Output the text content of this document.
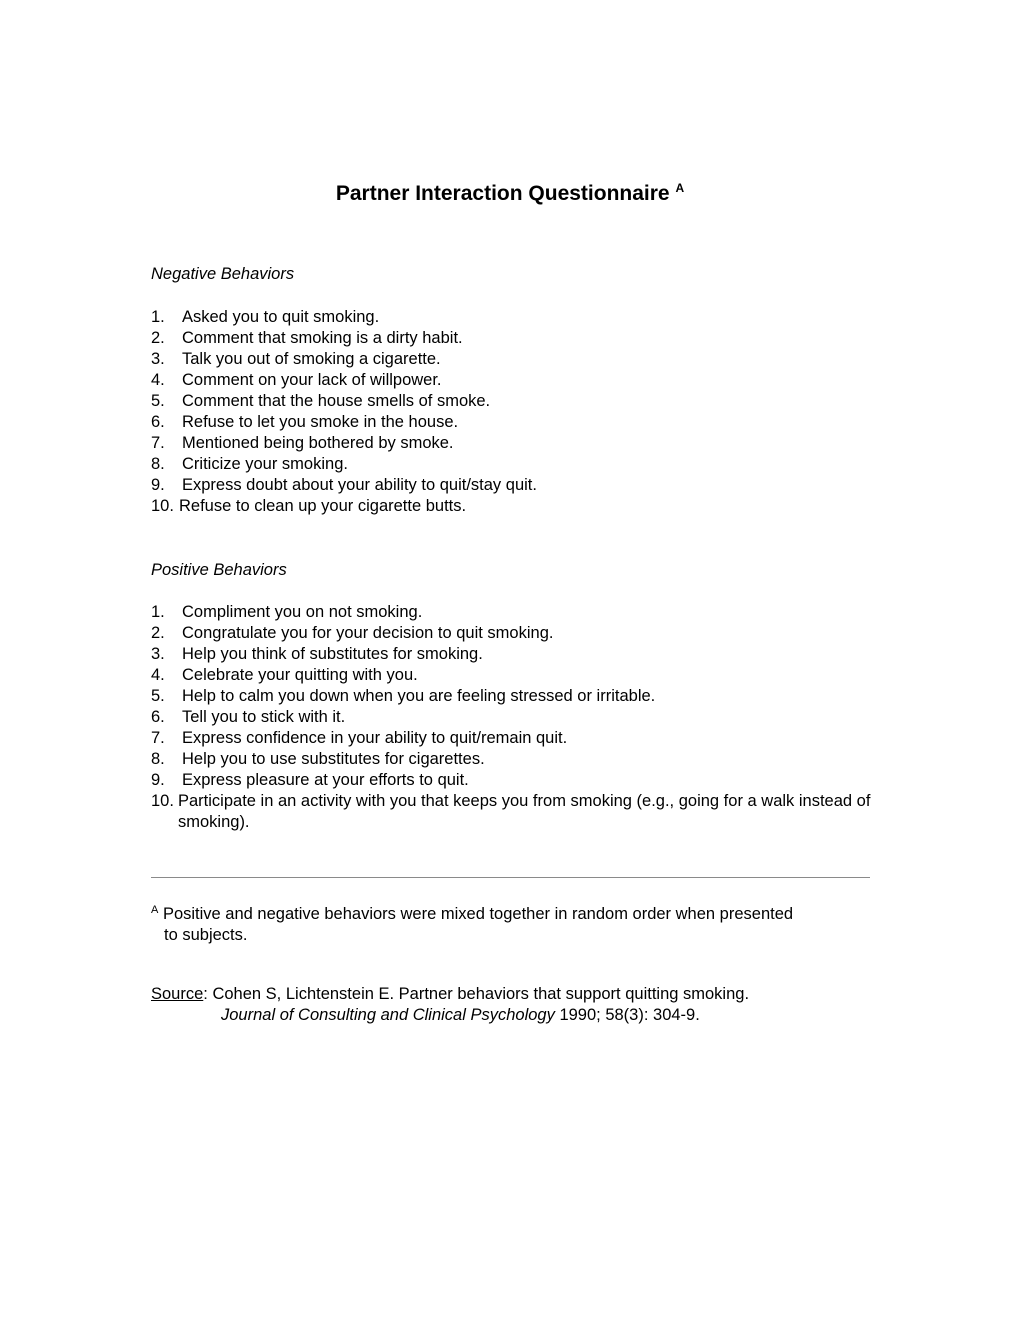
Partner Interaction Questionnaire $^A$
Negative Behaviors
1. Asked you to quit smoking.
2. Comment that smoking is a dirty habit.
3. Talk you out of smoking a cigarette.
4. Comment on your lack of willpower.
5. Comment that the house smells of smoke.
6. Refuse to let you smoke in the house.
7. Mentioned being bothered by smoke.
8. Criticize your smoking.
9. Express doubt about your ability to quit/stay quit.
10. Refuse to clean up your cigarette butts.
Positive Behaviors
1. Compliment you on not smoking.
2. Congratulate you for your decision to quit smoking.
3. Help you think of substitutes for smoking.
4. Celebrate your quitting with you.
5. Help to calm you down when you are feeling stressed or irritable.
6. Tell you to stick with it.
7. Express confidence in your ability to quit/remain quit.
8. Help you to use substitutes for cigarettes.
9. Express pleasure at your efforts to quit.
10. Participate in an activity with you that keeps you from smoking (e.g., going for a walk instead of smoking).
$^A$ Positive and negative behaviors were mixed together in random order when presented
to subjects.
Source: Cohen S, Lichtenstein E. Partner behaviors that support quitting smoking.
Journal of Consulting and Clinical Psychology 1990; 58(3): 304-9.
